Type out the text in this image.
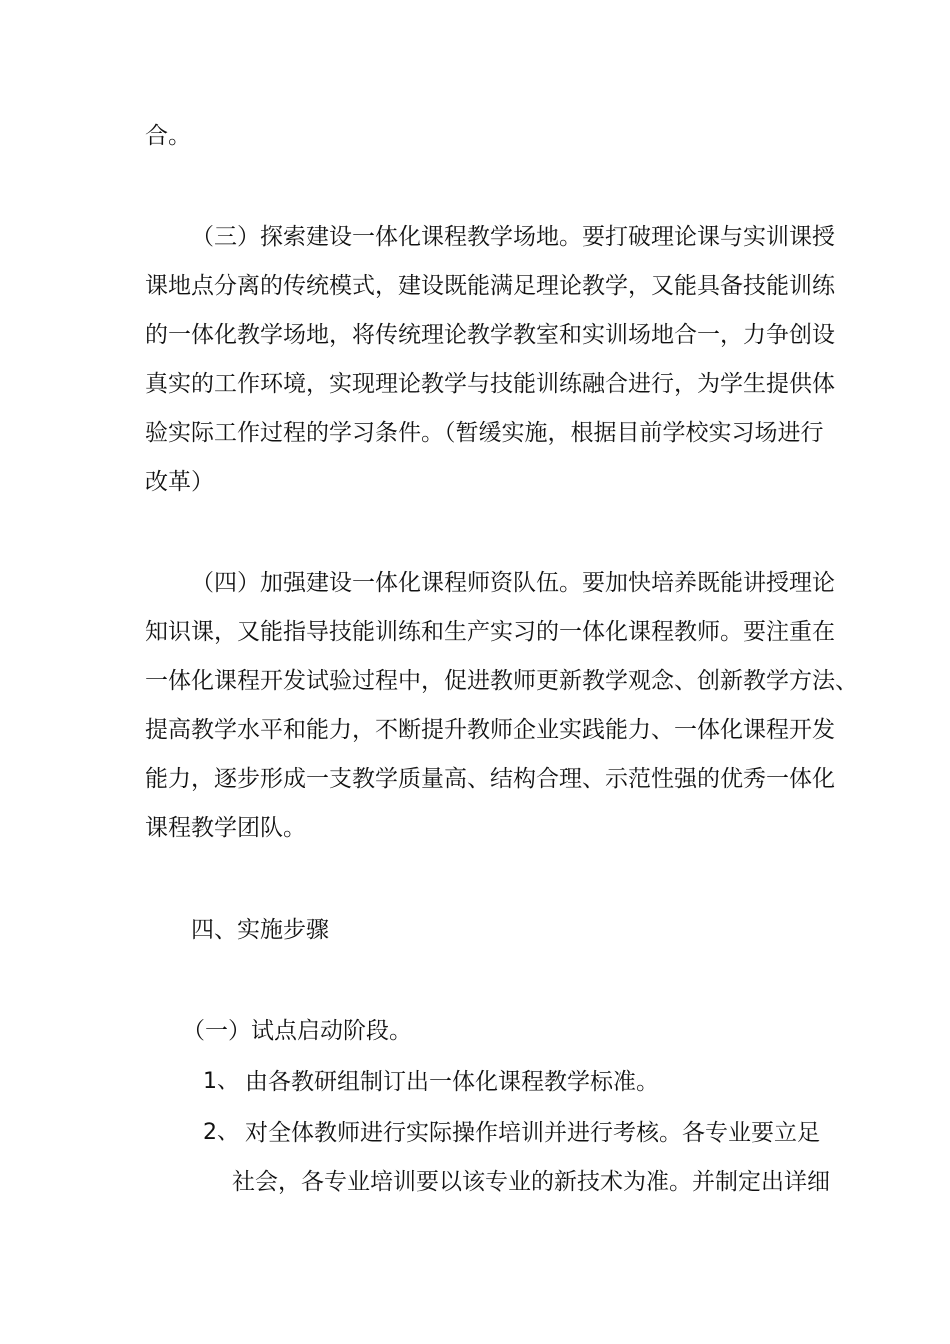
合。
（三）探索建设一体化课程教学场地。要打破理论课与实训课授
课地点分离的传统模式，建设既能满足理论教学，又能具备技能训练
的一体化教学场地，将传统理论教学教室和实训场地合一，力争创设
真实的工作环境，实现理论教学与技能训练融合进行，为学生提供体
验实际工作过程的学习条件。（暂缓实施，根据目前学校实习场进行
改革）
（四）加强建设一体化课程师资队伍。要加快培养既能讲授理论
知识课，又能指导技能训练和生产实习的一体化课程教师。要注重在
一体化课程开发试验过程中，促进教师更新教学观念、创新教学方法、
提高教学水平和能力，不断提升教师企业实践能力、一体化课程开发
能力，逐步形成一支教学质量高、结构合理、示范性强的优秀一体化
课程教学团队。
四、实施步骤
（一）试点启动阶段。
1、 由各教研组制订出一体化课程教学标准。
2、 对全体教师进行实际操作培训并进行考核。各专业要立足
社会，各专业培训要以该专业的新技术为准。并制定出详细
